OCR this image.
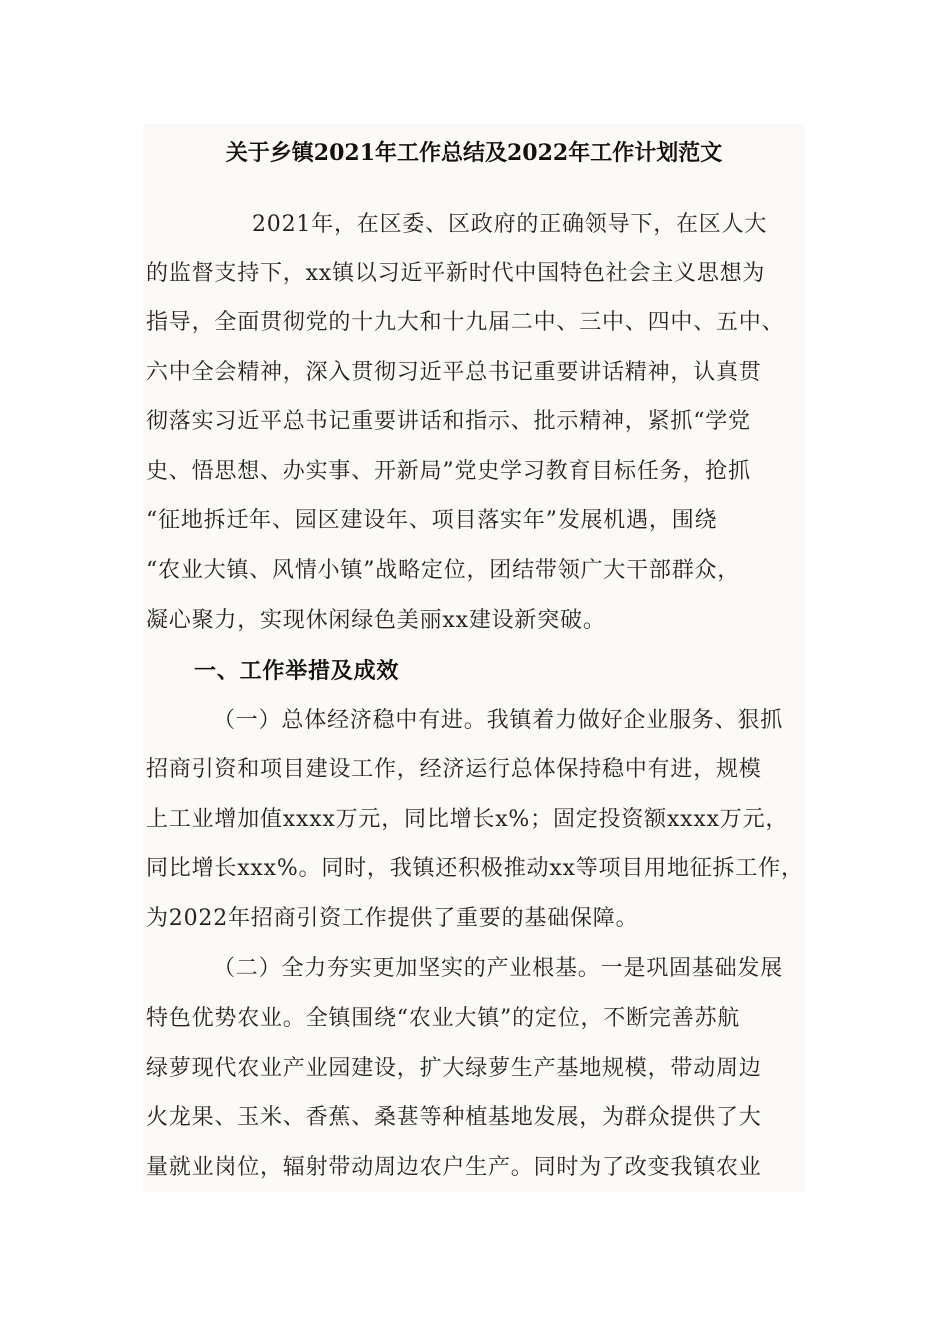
关于乡镇2021年工作总结及2022年工作计划范文
2021年，在区委、区政府的正确领导下，在区人大
的监督支持下，xx镇以习近平新时代中国特色社会主义思想为
指导，全面贯彻党的十九大和十九届二中、三中、四中、五中、
六中全会精神，深入贯彻习近平总书记重要讲话精神，认真贯
彻落实习近平总书记重要讲话和指示、批示精神，紧抓“学党
史、悟思想、办实事、开新局”党史学习教育目标任务，抢抓
“征地拆迁年、园区建设年、项目落实年”发展机遇，围绕
“农业大镇、风情小镇”战略定位，团结带领广大干部群众，
凝心聚力，实现休闲绿色美丽xx建设新突破。
一、工作举措及成效
（一）总体经济稳中有进。我镇着力做好企业服务、狠抓
招商引资和项目建设工作，经济运行总体保持稳中有进，规模
上工业增加值xxxx万元，同比增长x%；固定投资额xxxx万元，
同比增长xxx%。同时，我镇还积极推动xx等项目用地征拆工作，
为2022年招商引资工作提供了重要的基础保障。
（二）全力夯实更加坚实的产业根基。一是巩固基础发展
特色优势农业。全镇围绕“农业大镇”的定位，不断完善苏航
绿萝现代农业产业园建设，扩大绿萝生产基地规模，带动周边
火龙果、玉米、香蕉、桑葚等种植基地发展，为群众提供了大
量就业岗位，辐射带动周边农户生产。同时为了改变我镇农业
